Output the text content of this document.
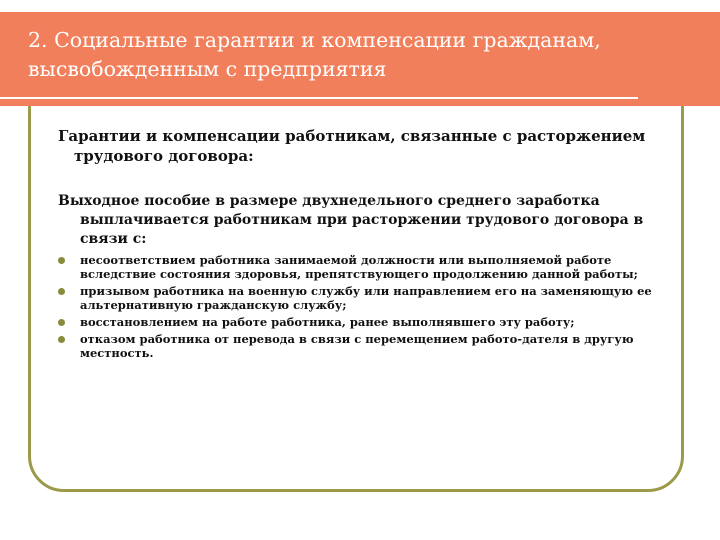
2. Социальные гарантии и компенсации гражданам,
высвобожденным с предприятия

Гарантии и компенсации работникам, связанные с расторжением трудового договора:

Выходное пособие в размере двухнедельного среднего заработка выплачивается работникам при расторжении трудового договора в связи с:

несоответствием работника занимаемой должности или выполняемой работе вследствие состояния здоровья, препятствующего продолжению данной работы;
призывом работника на военную службу или направлением его на заменяющую ее альтернативную гражданскую службу;
восстановлением на работе работника, ранее выполнявшего эту работу;
отказом работника от перевода в связи с перемещением работо-дателя в другую местность.
